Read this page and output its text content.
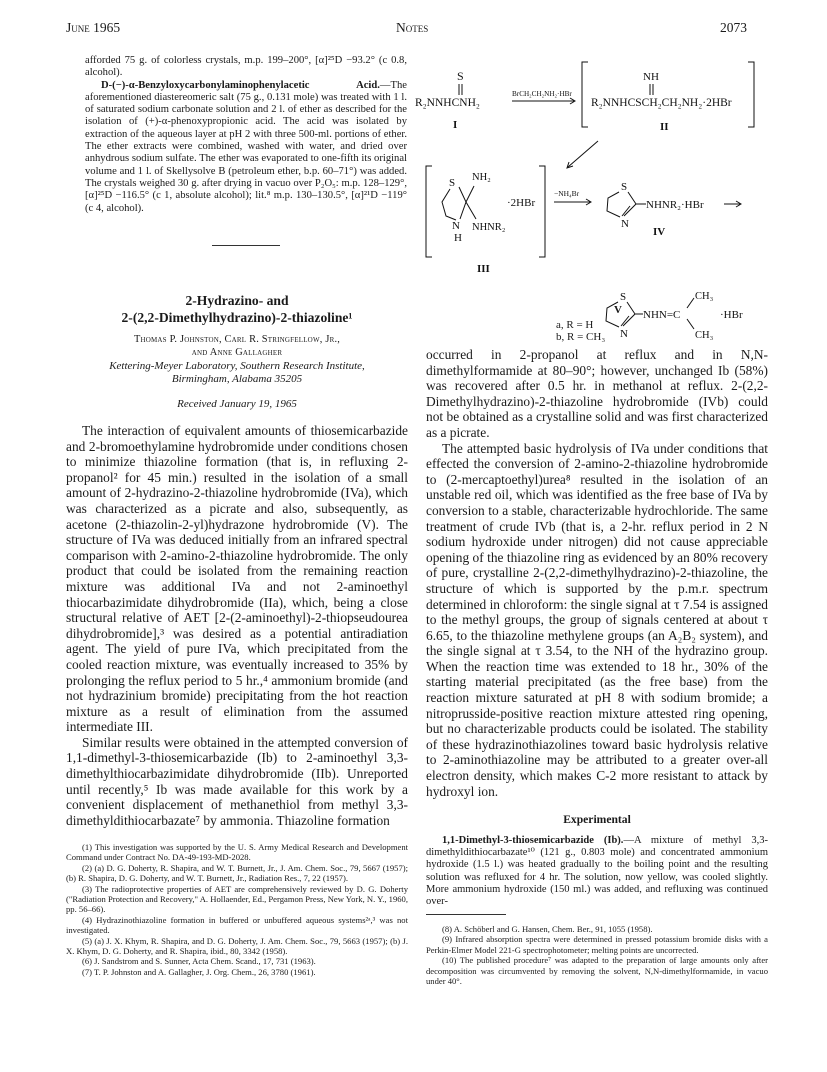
June 1965	Notes	2073

afforded 75 g. of colorless crystals, m.p. 199–200°, [α]²⁵D −93.2° (c 0.8, alcohol).

D-(−)-α-Benzyloxycarbonylaminophenylacetic Acid.—The aforementioned diastereomeric salt (75 g., 0.131 mole) was treated with 1 l. of saturated sodium carbonate solution and 2 l. of ether as described for the isolation of (+)-α-phenoxypropionic acid. The acid was isolated by extraction of the aqueous layer at pH 2 with three 500-ml. portions of ether. The ether extracts were combined, washed with water, and dried over anhydrous sodium sulfate. The ether was evaporated to one-fifth its original volume and 1 l. of Skellysolve B (petroleum ether, b.p. 60–71°) was added. The crystals weighed 30 g. after drying in vacuo over P₂O₅: m.p. 128–129°, [α]²⁵D −116.5° (c 1, absolute alcohol); lit.⁸ m.p. 130–130.5°, [α]²¹D −119° (c 4, alcohol).

2-Hydrazino- and
2-(2,2-Dimethylhydrazino)-2-thiazoline¹
Thomas P. Johnston, Carl R. Stringfellow, Jr.,
and Anne Gallagher
Kettering-Meyer Laboratory, Southern Research Institute,
Birmingham, Alabama 35205
Received January 19, 1965

The interaction of equivalent amounts of thiosemicarbazide and 2-bromoethylamine hydrobromide under conditions chosen to minimize thiazoline formation (that is, in refluxing 2-propanol² for 45 min.) resulted in the isolation of a small amount of 2-hydrazino-2-thiazoline hydrobromide (IVa), which was characterized as a picrate and also, subsequently, as acetone (2-thiazolin-2-yl)hydrazone hydrobromide (V). The structure of IVa was deduced initially from an infrared spectral comparison with 2-amino-2-thiazoline hydrobromide. The only product that could be isolated from the remaining reaction mixture was additional IVa and not 2-aminoethyl thiocarbazimidate dihydrobromide (IIa), which, being a close structural relative of AET [2-(2-aminoethyl)-2-thiopseudourea dihydrobromide],³ was desired as a potential antiradiation agent. The yield of pure IVa, which precipitated from the cooled reaction mixture, was eventually increased to 35% by prolonging the reflux period to 5 hr.,⁴ ammonium bromide (and not hydrazinium bromide) precipitating from the hot reaction mixture as a result of elimination from the assumed intermediate III.

Similar results were obtained in the attempted conversion of 1,1-dimethyl-3-thiosemicarbazide (Ib) to 2-aminoethyl 3,3-dimethylthiocarbazimidate dihydrobromide (IIb). Unreported until recently,⁵ Ib was made available for this work by a convenient displacement of methanethiol from methyl 3,3-dimethyldithiocarbazate⁷ by ammonia. Thiazoline formation

S
R₂NNHCNH₂
I
BrCH₂CH₂NH₂·HBr
NH
R₂NNHCSCH₂CH₂NH₂·2HBr
II
S NH₂
N
H
NHNR₂
·2HBr
III
−NH₄Br
S
N
NHNR₂·HBr
IV
S
N
NHN=C
CH₃
CH₃
·HBr
V
a, R = H
b, R = CH₃

occurred in 2-propanol at reflux and in N,N-dimethylformamide at 80–90°; however, unchanged Ib (58%) was recovered after 0.5 hr. in methanol at reflux. 2-(2,2-Dimethylhydrazino)-2-thiazoline hydrobromide (IVb) could not be obtained as a crystalline solid and was first characterized as a picrate.

The attempted basic hydrolysis of IVa under conditions that effected the conversion of 2-amino-2-thiazoline hydrobromide to (2-mercaptoethyl)urea⁸ resulted in the isolation of an unstable red oil, which was identified as the free base of IVa by conversion to a stable, characterizable hydrochloride. The same treatment of crude IVb (that is, a 2-hr. reflux period in 2 N sodium hydroxide under nitrogen) did not cause appreciable opening of the thiazoline ring as evidenced by an 80% recovery of pure, crystalline 2-(2,2-dimethylhydrazino)-2-thiazoline, the structure of which is supported by the p.m.r. spectrum determined in chloroform: the single signal at τ 7.54 is assigned to the methyl groups, the group of signals centered at about τ 6.65, to the thiazoline methylene groups (an A₂B₂ system), and the single signal at τ 3.54, to the NH of the hydrazino group. When the reaction time was extended to 18 hr., 30% of the starting material precipitated (as the free base) from the reaction mixture saturated at pH 8 with sodium bromide; a nitroprusside-positive reaction mixture attested ring opening, but no characterizable products could be isolated. The stability of these hydrazinothiazolines toward basic hydrolysis relative to 2-aminothiazoline may be attributed to a greater over-all electron density, which makes C-2 more resistant to attack by hydroxyl ion.

Experimental

1,1-Dimethyl-3-thiosemicarbazide (Ib).—A mixture of methyl 3,3-dimethyldithiocarbazate¹⁰ (121 g., 0.803 mole) and concentrated ammonium hydroxide (1.5 l.) was heated gradually to the boiling point and the resulting solution was refluxed for 4 hr. The solution, now yellow, was cooled slightly. More ammonium hydroxide (150 ml.) was added, and refluxing was continued over-

(1) This investigation was supported by the U. S. Army Medical Research and Development Command under Contract No. DA-49-193-MD-2028.

(2) (a) D. G. Doherty, R. Shapira, and W. T. Burnett, Jr., J. Am. Chem. Soc., 79, 5667 (1957); (b) R. Shapira, D. G. Doherty, and W. T. Burnett, Jr., Radiation Res., 7, 22 (1957).

(3) The radioprotective properties of AET are comprehensively reviewed by D. G. Doherty ("Radiation Protection and Recovery," A. Hollaender, Ed., Pergamon Press, New York, N. Y., 1960, pp. 56–66).

(4) Hydrazinothiazoline formation in buffered or unbuffered aqueous systems²ᵃ,³ was not investigated.

(5) (a) J. X. Khym, R. Shapira, and D. G. Doherty, J. Am. Chem. Soc., 79, 5663 (1957); (b) J. X. Khym, D. G. Doherty, and R. Shapira, ibid., 80, 3342 (1958).

(6) J. Sandstrom and S. Sunner, Acta Chem. Scand., 17, 731 (1963).

(7) T. P. Johnston and A. Gallagher, J. Org. Chem., 26, 3780 (1961).

(8) A. Schöberl and G. Hansen, Chem. Ber., 91, 1055 (1958).

(9) Infrared absorption spectra were determined in pressed potassium bromide disks with a Perkin-Elmer Model 221-G spectrophotometer; melting points are uncorrected.

(10) The published procedure⁷ was adapted to the preparation of large amounts only after decomposition was circumvented by removing the solvent, N,N-dimethylformamide, in vacuo under 40°.
